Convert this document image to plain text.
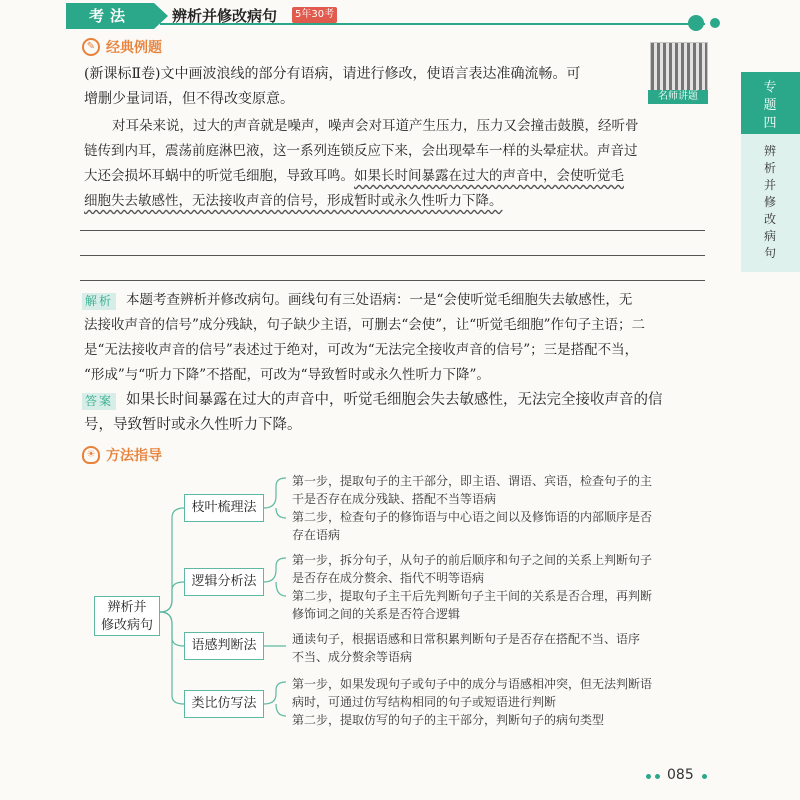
考法	辨析并修改病句	5年30考
专
题
四
辨
析
并
修
改
病
句
✎ 经典例题
名师讲题
(新课标Ⅱ卷)文中画波浪线的部分有语病，请进行修改，使语言表达准确流畅。可
增删少量词语，但不得改变原意。
对耳朵来说，过大的声音就是噪声，噪声会对耳道产生压力，压力又会撞击鼓膜，经听骨
链传到内耳，震荡前庭淋巴液，这一系列连锁反应下来，会出现晕车一样的头晕症状。声音过
大还会损坏耳蜗中的听觉毛细胞，导致耳鸣。如果长时间暴露在过大的声音中，会使听觉毛
细胞失去敏感性，无法接收声音的信号，形成暂时或永久性听力下降。
解析 本题考查辨析并修改病句。画线句有三处语病：一是“会使听觉毛细胞失去敏感性，无
法接收声音的信号”成分残缺，句子缺少主语，可删去“会使”，让“听觉毛细胞”作句子主语；二
是“无法接收声音的信号”表述过于绝对，可改为“无法完全接收声音的信号”；三是搭配不当，
“形成”与“听力下降”不搭配，可改为“导致暂时或永久性听力下降”。
答案 如果长时间暴露在过大的声音中，听觉毛细胞会失去敏感性，无法完全接收声音的信
号，导致暂时或永久性听力下降。
☀ 方法指导
辨析并
修改病句
枝叶梳理法
逻辑分析法
语感判断法
类比仿写法
第一步，提取句子的主干部分，即主语、谓语、宾语，检查句子的主
干是否存在成分残缺、搭配不当等语病
第二步，检查句子的修饰语与中心语之间以及修饰语的内部顺序是否
存在语病
第一步，拆分句子，从句子的前后顺序和句子之间的关系上判断句子
是否存在成分赘余、指代不明等语病
第二步，提取句子主干后先判断句子主干间的关系是否合理，再判断
修饰词之间的关系是否符合逻辑
通读句子，根据语感和日常积累判断句子是否存在搭配不当、语序
不当、成分赘余等语病
第一步，如果发现句子或句子中的成分与语感相冲突，但无法判断语
病时，可通过仿写结构相同的句子或短语进行判断
第二步，提取仿写的句子的主干部分，判断句子的病句类型
085
